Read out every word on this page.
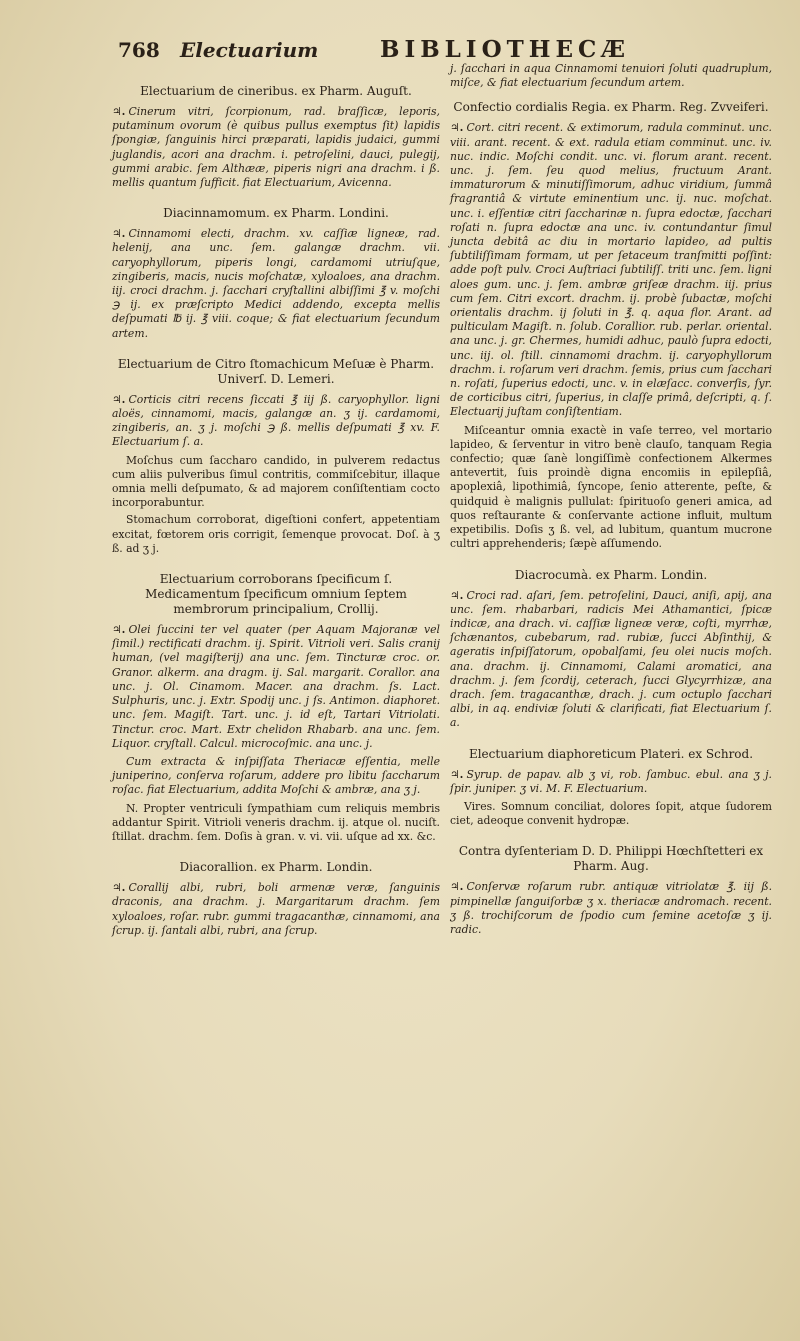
768 Electuarium	BIBLIOTHECÆ
Electuarium de cineribus. ex Pharm. Auguſt.

♃. Cinerum vitri, ſcorpionum, rad. braſſicæ, leporis, putaminum ovorum (è quibus pullus exemptus ſit) lapidis ſpongiæ, ſanguinis hirci præparati, lapidis judaici, gummi juglandis, acori ana drachm. i. petroſelini, dauci, pulegij, gummi arabic. ſem Althææ, piperis nigri ana drachm. i ß. mellis quantum ſufficit. fiat Electuarium, Avicenna.

Diacinnamomum. ex Pharm. Londini.

♃. Cinnamomi electi, drachm. xv. caſſiæ ligneæ, rad. helenij, ana unc. ſem. galangæ drachm. vii. caryophyllorum, piperis longi, cardamomi utriuſque, zingiberis, macis, nucis moſchatæ, xyloaloes, ana drachm. iij. croci drachm. j. ſacchari cryſtallini albiſſimi ℥ v. moſchi ℈ ij. ex præſcripto Medici addendo, excepta mellis deſpumati ℔ ij. ℥ viii. coque; & fiat electuarium ſecundum artem.

Electuarium de Citro ſtomachicum Meſuæ è Pharm. Univerſ. D. Lemeri.

♃. Corticis citri recens ſiccati ℥ iij ß. caryophyllor. ligni aloës, cinnamomi, macis, galangæ an. ʒ ij. cardamomi, zingiberis, an. ʒ j. moſchi ℈ ß. mellis deſpumati ℥ xv. F. Electuarium ſ. a.

Moſchus cum ſaccharo candido, in pulverem redactus cum aliis pulveribus ſimul contritis, commiſcebitur, illaque omnia melli deſpumato, & ad majorem conſiſtentiam cocto incorporabuntur.

Stomachum corroborat, digeſtioni confert, appetentiam excitat, fœtorem oris corrigit, ſemenque provocat. Doſ. à ʒ ß. ad ʒ j.

Electuarium corroborans ſpecificum ſ. Medicamentum ſpecificum omnium ſeptem membrorum principalium, Crollij.

♃. Olei ſuccini ter vel quater (per Aquam Majoranæ vel ſimil.) rectificati drachm. ij. Spirit. Vitrioli veri. Salis cranij human, (vel magiſterij) ana unc. ſem. Tincturæ croc. or. Granor. alkerm. ana dragm. ij. Sal. margarit. Corallor. ana unc. j. Ol. Cinamom. Macer. ana drachm. ſs. Lact. Sulphuris, unc. j. Extr. Spodij unc. j ſs. Antimon. diaphoret. unc. ſem. Magiſt. Tart. unc. j. id eſt, Tartari Vitriolati. Tinctur. croc. Mart. Extr chelidon Rhabarb. ana unc. ſem. Liquor. cryſtall. Calcul. microcoſmic. ana unc. j.

Cum extracta & inſpiſſata Theriacæ eſſentia, melle juniperino, conſerva roſarum, addere pro libitu ſaccharum roſac. fiat Electuarium, addita Moſchi & ambræ, ana ʒ j.

N. Propter ventriculi ſympathiam cum reliquis membris addantur Spirit. Vitrioli veneris drachm. ij. atque ol. nuciſt. ſtillat. drachm. ſem. Doſis à gran. v. vi. vii. uſque ad xx. &c.

Diacorallion. ex Pharm. Londin.

♃. Corallij albi, rubri, boli armenæ veræ, ſanguinis draconis, ana drachm. j. Margaritarum drachm. ſem xyloaloes, roſar. rubr. gummi tragacanthæ, cinnamomi, ana ſcrup. ij. ſantali albi, rubri, ana ſcrup.

j. ſacchari in aqua Cinnamomi tenuiori ſoluti quadruplum, miſce, & fiat electuarium ſecundum artem.

Confectio cordialis Regia. ex Pharm. Reg. Zvveiferi.

♃. Cort. citri recent. & extimorum, radula comminut. unc. viii. arant. recent. & ext. radula etiam comminut. unc. iv. nuc. indic. Moſchi condit. unc. vi. florum arant. recent. unc. j. ſem. ſeu quod melius, fructuum Arant. immaturorum & minutiſſimorum, adhuc viridium, ſummâ fragrantiâ & virtute eminentium unc. ij. nuc. moſchat. unc. i. eſſentiæ citri ſaccharinæ n. ſupra edoctæ, ſacchari roſati n. ſupra edoctæ ana unc. iv. contundantur ſimul juncta debitâ ac diu in mortario lapideo, ad pultis ſubtiliſſimam formam, ut per ſetaceum tranſmitti poſſint: adde poſt pulv. Croci Auſtriaci ſubtiliſſ. triti unc. ſem. ligni aloes gum. unc. j. ſem. ambræ griſeæ drachm. iij. prius cum ſem. Citri excort. drachm. ij. probè ſubactæ, moſchi orientalis drachm. ij ſoluti in ℥. q. aqua flor. Arant. ad pulticulam Magiſt. n. ſolub. Corallior. rub. perlar. oriental. ana unc. j. gr. Chermes, humidi adhuc, paulò ſupra edocti, unc. iij. ol. ſtill. cinnamomi drachm. ij. caryophyllorum drachm. i. roſarum veri drachm. ſemis, prius cum ſacchari n. roſati, ſuperius edocti, unc. v. in elæſacc. converſis, ſyr. de corticibus citri, ſuperius, in claſſe primâ, deſcripti, q. ſ. Electuarij juſtam conſiſtentiam.

Miſceantur omnia exactè in vaſe terreo, vel mortario lapideo, & ſerventur in vitro benè clauſo, tanquam Regia confectio; quæ ſanè longiſſimè confectionem Alkermes antevertit, ſuis proindè digna encomiis in epilepſiâ, apoplexiâ, lipothimiâ, ſyncope, ſenio atterente, peſte, & quidquid è malignis pullulat: ſpirituoſo generi amica, ad quos reſtaurante & conſervante actione influit, multum expetibilis. Doſis ʒ ß. vel, ad lubitum, quantum mucrone cultri apprehenderis; ſæpè aſſumendo.

Diacrocumà. ex Pharm. Londin.

♃. Croci rad. aſari, ſem. petroſelini, Dauci, aniſi, apij, ana unc. ſem. rhabarbari, radicis Mei Athamantici, ſpicæ indicæ, ana drach. vi. caſſiæ ligneæ veræ, coſti, myrrhæ, ſchænantos, cubebarum, rad. rubiæ, ſucci Abſinthij, & ageratis inſpiſſatorum, opobalſami, ſeu olei nucis moſch. ana. drachm. ij. Cinnamomi, Calami aromatici, ana drachm. j. ſem ſcordij, ceterach, ſucci Glycyrrhizæ, ana drach. ſem. tragacanthæ, drach. j. cum octuplo ſacchari albi, in aq. endiviæ ſoluti & clarificati, fiat Electuarium ſ. a.

Electuarium diaphoreticum Plateri. ex Schrod.

♃. Syrup. de papav. alb ʒ vi, rob. ſambuc. ebul. ana ʒ j. ſpir. juniper. ʒ vi. M. F. Electuarium.

Vires. Somnum conciliat, dolores ſopit, atque ſudorem ciet, adeoque convenit hydropæ.

Contra dyſenteriam D. D. Philippi Hœchſtetteri ex Pharm. Aug.

♃. Conſervæ roſarum rubr. antiquæ vitriolatæ ℥. iij ß. pimpinellæ ſanguiſorbæ ʒ x. theriacæ andromach. recent. ʒ ß. trochiſcorum de ſpodio cum ſemine acetoſæ ʒ ij. radic.
